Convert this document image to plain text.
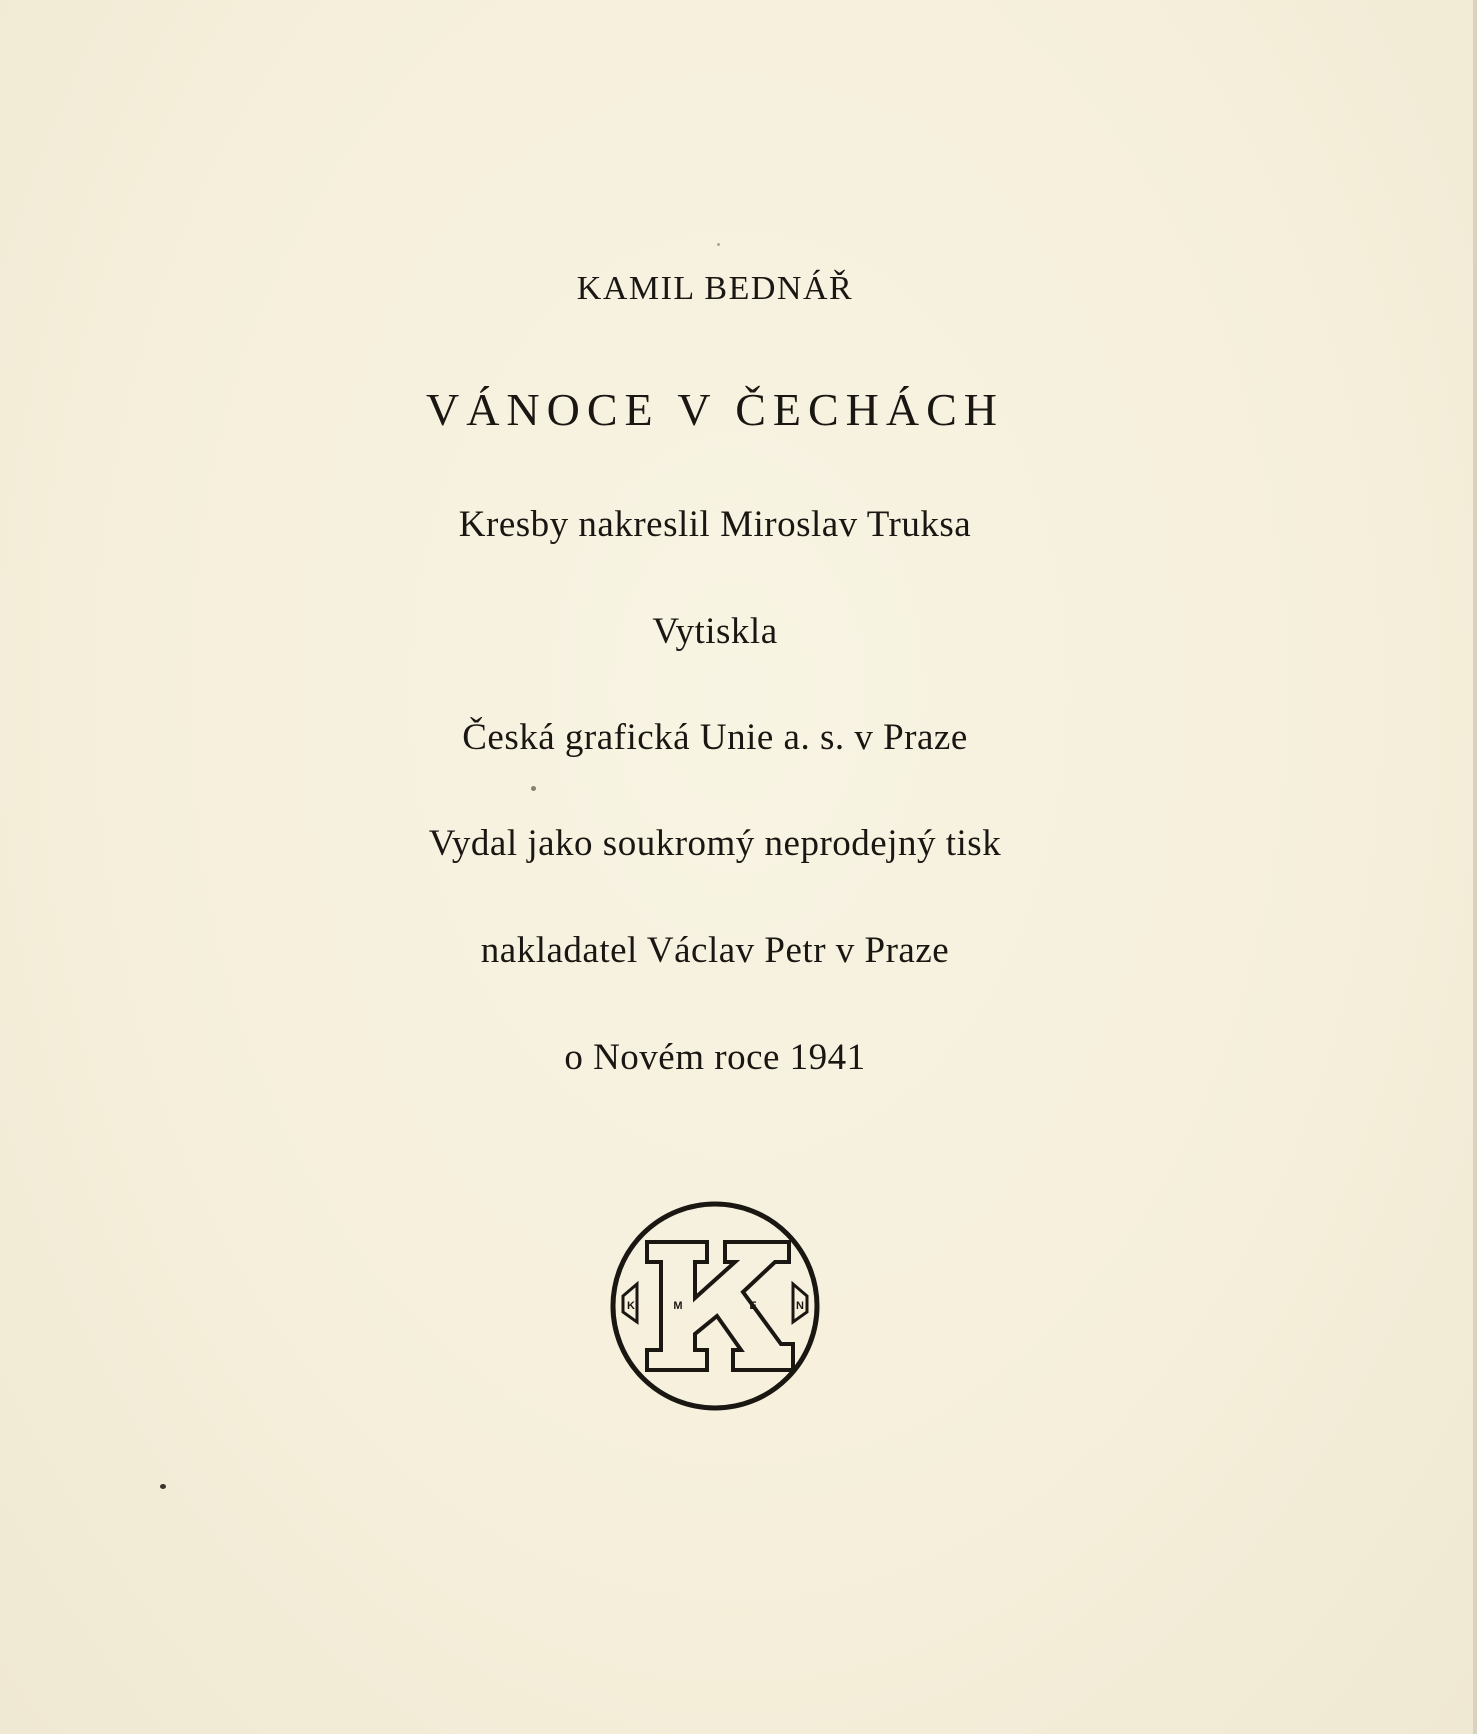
KAMIL BEDNÁŘ
VÁNOCE V ČECHÁCH
Kresby nakreslil Miroslav Truksa
Vytiskla
Česká grafická Unie a. s. v Praze
Vydal jako soukromý neprodejný tisk
nakladatel Václav Petr v Praze
o Novém roce 1941
K	M	E	N
